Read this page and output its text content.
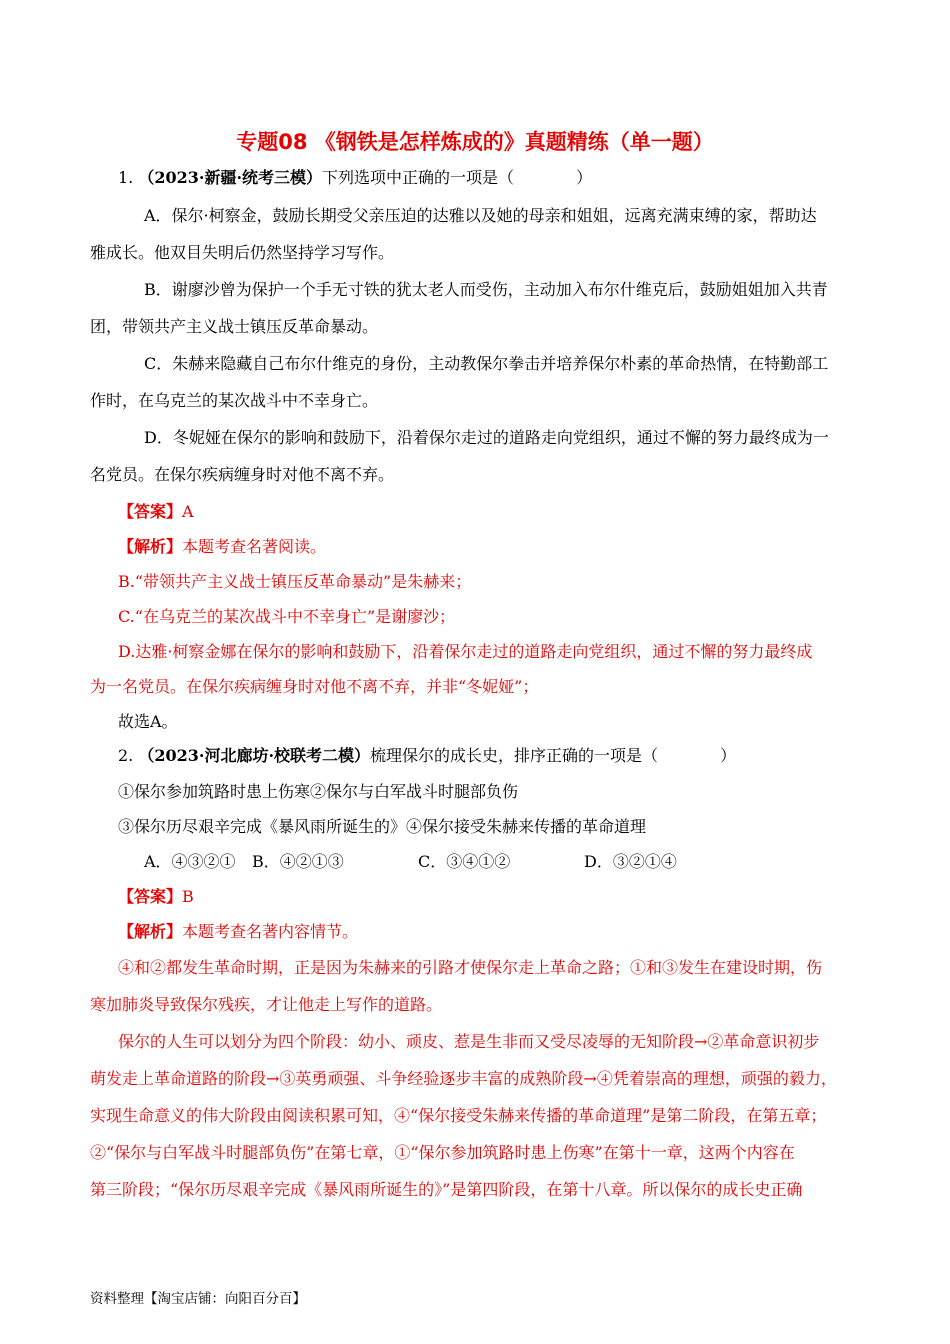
专题08 《钢铁是怎样炼成的》真题精练（单一题）
1. （2023·新疆·统考三模）下列选项中正确的一项是（	）
A．保尔·柯察金，鼓励长期受父亲压迫的达雅以及她的母亲和姐姐，远离充满束缚的家，帮助达
雅成长。他双目失明后仍然坚持学习写作。
B．谢廖沙曾为保护一个手无寸铁的犹太老人而受伤，主动加入布尔什维克后，鼓励姐姐加入共青
团，带领共产主义战士镇压反革命暴动。
C．朱赫来隐藏自己布尔什维克的身份，主动教保尔拳击并培养保尔朴素的革命热情，在特勤部工
作时，在乌克兰的某次战斗中不幸身亡。
D．冬妮娅在保尔的影响和鼓励下，沿着保尔走过的道路走向党组织，通过不懈的努力最终成为一
名党员。在保尔疾病缠身时对他不离不弃。
【答案】A
【解析】本题考查名著阅读。
B.“带领共产主义战士镇压反革命暴动”是朱赫来；
C.“在乌克兰的某次战斗中不幸身亡”是谢廖沙；
D.达雅·柯察金娜在保尔的影响和鼓励下，沿着保尔走过的道路走向党组织，通过不懈的努力最终成
为一名党员。在保尔疾病缠身时对他不离不弃，并非“冬妮娅”；
故选A。
2. （2023·河北廊坊·校联考二模）梳理保尔的成长史，排序正确的一项是（	）
①保尔参加筑路时患上伤寒②保尔与白军战斗时腿部负伤
③保尔历尽艰辛完成《暴风雨所诞生的》④保尔接受朱赫来传播的革命道理
A．④③②① B．④②①③	C．③④①②	D．③②①④
【答案】B
【解析】本题考查名著内容情节。
④和②都发生革命时期，正是因为朱赫来的引路才使保尔走上革命之路；①和③发生在建设时期，伤
寒加肺炎导致保尔残疾，才让他走上写作的道路。
保尔的人生可以划分为四个阶段：幼小、顽皮、惹是生非而又受尽凌辱的无知阶段→②革命意识初步
萌发走上革命道路的阶段→③英勇顽强、斗争经验逐步丰富的成熟阶段→④凭着崇高的理想，顽强的毅力，
实现生命意义的伟大阶段由阅读积累可知，④“保尔接受朱赫来传播的革命道理”是第二阶段，在第五章；
②“保尔与白军战斗时腿部负伤”在第七章，①“保尔参加筑路时患上伤寒”在第十一章，这两个内容在
第三阶段；“保尔历尽艰辛完成《暴风雨所诞生的》”是第四阶段，在第十八章。所以保尔的成长史正确
资料整理【淘宝店铺：向阳百分百】
